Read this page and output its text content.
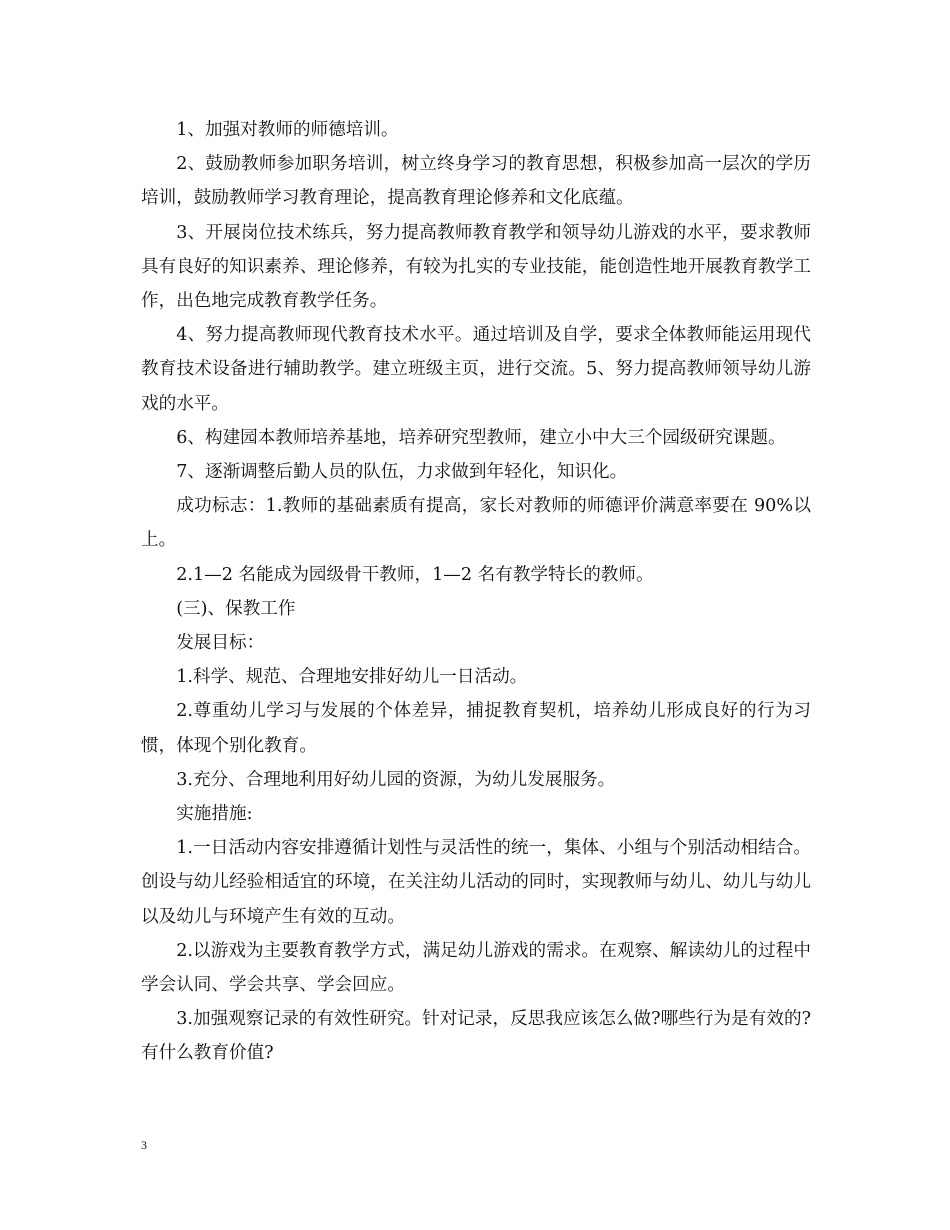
1、加强对教师的师德培训。

2、鼓励教师参加职务培训，树立终身学习的教育思想，积极参加高一层次的学历培训，鼓励教师学习教育理论，提高教育理论修养和文化底蕴。

3、开展岗位技术练兵，努力提高教师教育教学和领导幼儿游戏的水平，要求教师具有良好的知识素养、理论修养，有较为扎实的专业技能，能创造性地开展教育教学工作，出色地完成教育教学任务。

4、努力提高教师现代教育技术水平。通过培训及自学，要求全体教师能运用现代教育技术设备进行辅助教学。建立班级主页，进行交流。5、努力提高教师领导幼儿游戏的水平。

6、构建园本教师培养基地，培养研究型教师，建立小中大三个园级研究课题。

7、逐渐调整后勤人员的队伍，力求做到年轻化，知识化。

成功标志：1.教师的基础素质有提高，家长对教师的师德评价满意率要在 90%以上。

2.1—2 名能成为园级骨干教师，1—2 名有教学特长的教师。

(三)、保教工作

发展目标：

1.科学、规范、合理地安排好幼儿一日活动。

2.尊重幼儿学习与发展的个体差异，捕捉教育契机，培养幼儿形成良好的行为习惯，体现个别化教育。

3.充分、合理地利用好幼儿园的资源，为幼儿发展服务。

实施措施:

1.一日活动内容安排遵循计划性与灵活性的统一，集体、小组与个别活动相结合。创设与幼儿经验相适宜的环境，在关注幼儿活动的同时，实现教师与幼儿、幼儿与幼儿以及幼儿与环境产生有效的互动。

2.以游戏为主要教育教学方式，满足幼儿游戏的需求。在观察、解读幼儿的过程中学会认同、学会共享、学会回应。

3.加强观察记录的有效性研究。针对记录，反思我应该怎么做?哪些行为是有效的?有什么教育价值?

3
